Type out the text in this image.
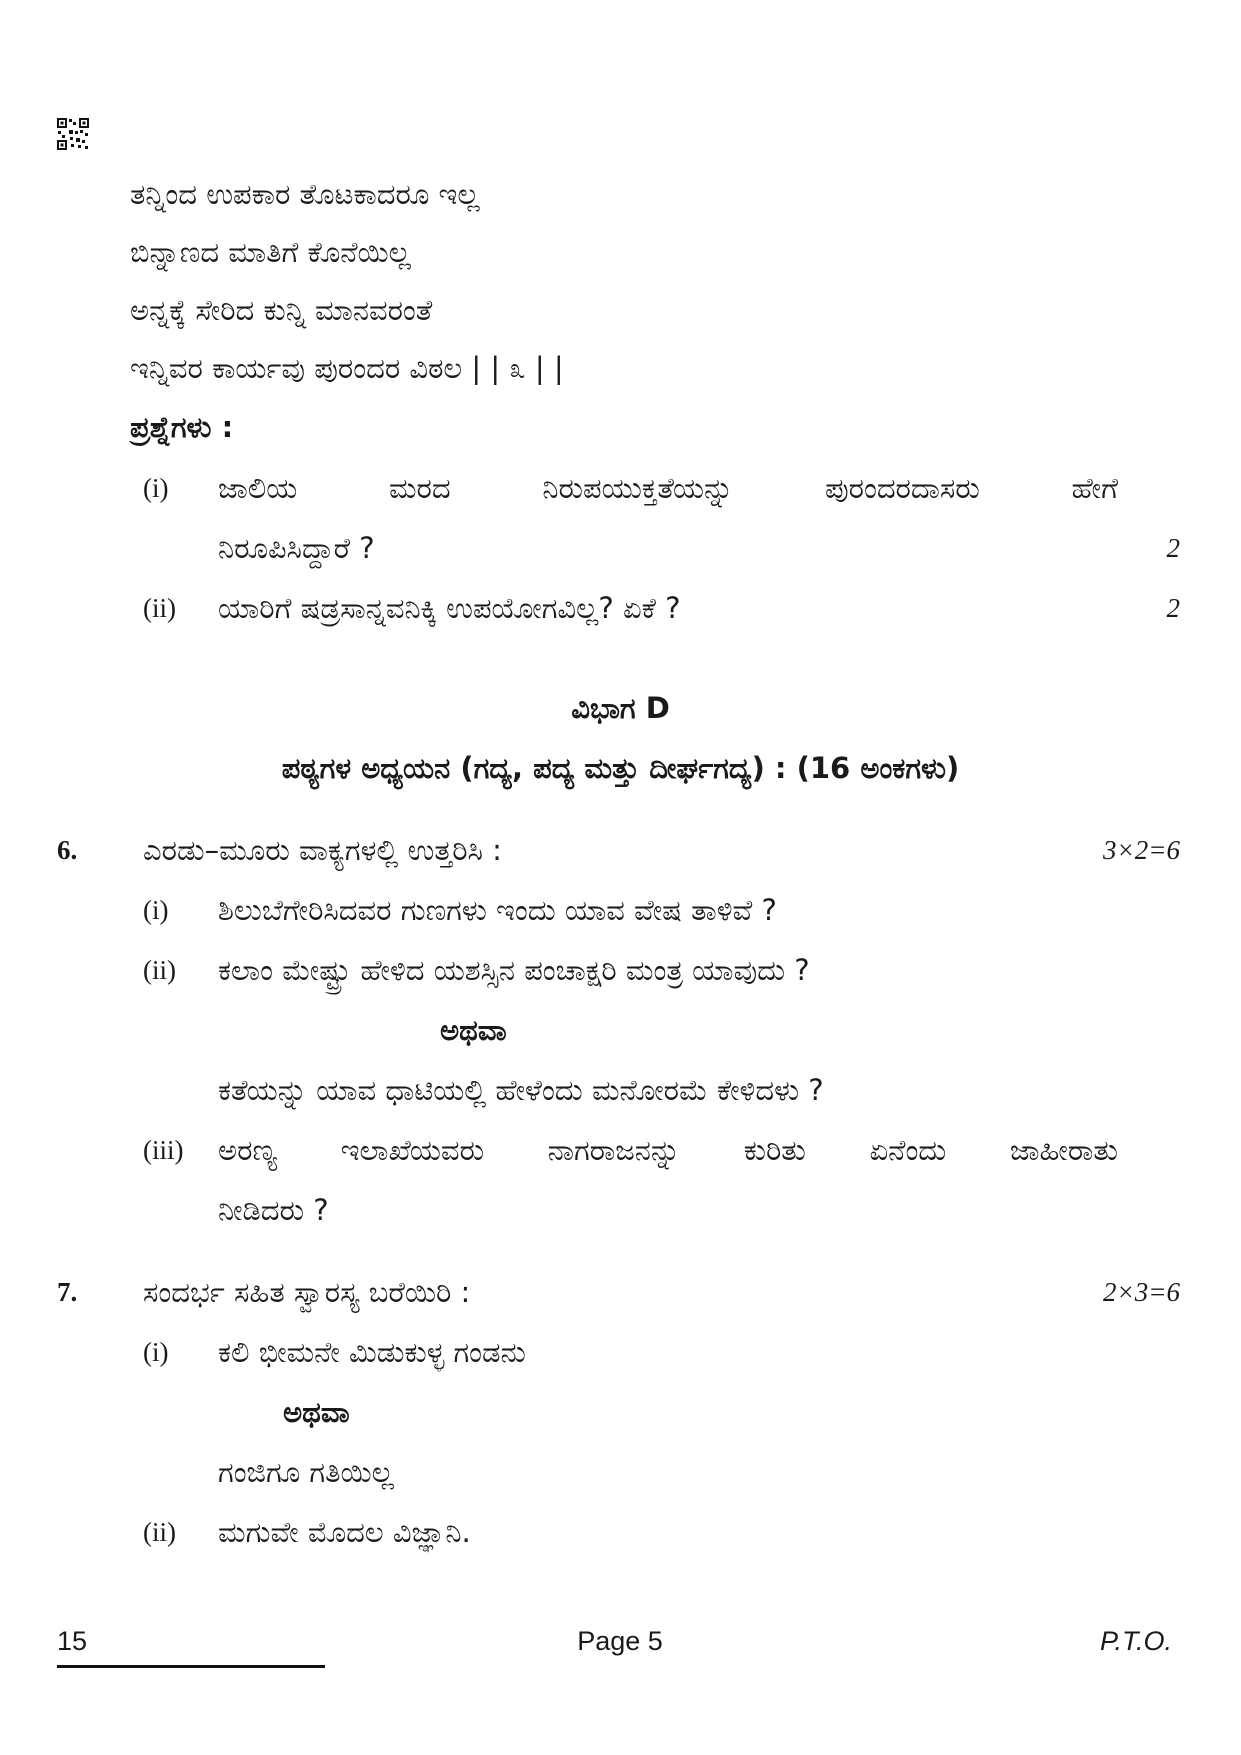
ತನ್ನಿಂದ ಉಪಕಾರ ತೊಟಕಾದರೂ ಇಲ್ಲ
ಬಿನ್ನಾಣದ ಮಾತಿಗೆ ಕೊನೆಯಿಲ್ಲ
ಅನ್ನಕ್ಕೆ ಸೇರಿದ ಕುನ್ನಿ ಮಾನವರಂತೆ
ಇನ್ನಿವರ ಕಾರ್ಯವು ಪುರಂದರ ವಿಠಲ | | ೩ | |
ಪ್ರಶ್ನೆಗಳು :
(i) ಜಾಲಿಯ ಮರದ ನಿರುಪಯುಕ್ತತೆಯನ್ನು ಪುರಂದರದಾಸರು ಹೇಗೆ
ನಿರೂಪಿಸಿದ್ದಾರೆ ?	2
(ii) ಯಾರಿಗೆ ಷಡ್ರಸಾನ್ನವನಿಕ್ಕಿ ಉಪಯೋಗವಿಲ್ಲ? ಏಕೆ ?	2
ವಿಭಾಗ D
ಪಠ್ಯಗಳ ಅಧ್ಯಯನ (ಗದ್ಯ, ಪದ್ಯ ಮತ್ತು ದೀರ್ಘಗದ್ಯ) : (16 ಅಂಕಗಳು)
6. ಎರಡು–ಮೂರು ವಾಕ್ಯಗಳಲ್ಲಿ ಉತ್ತರಿಸಿ :	3×2=6
(i) ಶಿಲುಬೆಗೇರಿಸಿದವರ ಗುಣಗಳು ಇಂದು ಯಾವ ವೇಷ ತಾಳಿವೆ ?
(ii) ಕಲಾಂ ಮೇಷ್ಟ್ರು ಹೇಳಿದ ಯಶಸ್ಸಿನ ಪಂಚಾಕ್ಷರಿ ಮಂತ್ರ ಯಾವುದು ?
ಅಥವಾ
ಕತೆಯನ್ನು ಯಾವ ಧಾಟಿಯಲ್ಲಿ ಹೇಳೆಂದು ಮನೋರಮೆ ಕೇಳಿದಳು ?
(iii) ಅರಣ್ಯ ಇಲಾಖೆಯವರು ನಾಗರಾಜನನ್ನು ಕುರಿತು ಏನೆಂದು ಜಾಹೀರಾತು
ನೀಡಿದರು ?
7. ಸಂದರ್ಭ ಸಹಿತ ಸ್ವಾರಸ್ಯ ಬರೆಯಿರಿ :	2×3=6
(i) ಕಲಿ ಭೀಮನೇ ಮಿಡುಕುಳ್ಳ ಗಂಡನು
ಅಥವಾ
ಗಂಜಿಗೂ ಗತಿಯಿಲ್ಲ
(ii) ಮಗುವೇ ಮೊದಲ ವಿಜ್ಞಾನಿ.
15	Page 5	P.T.O.
